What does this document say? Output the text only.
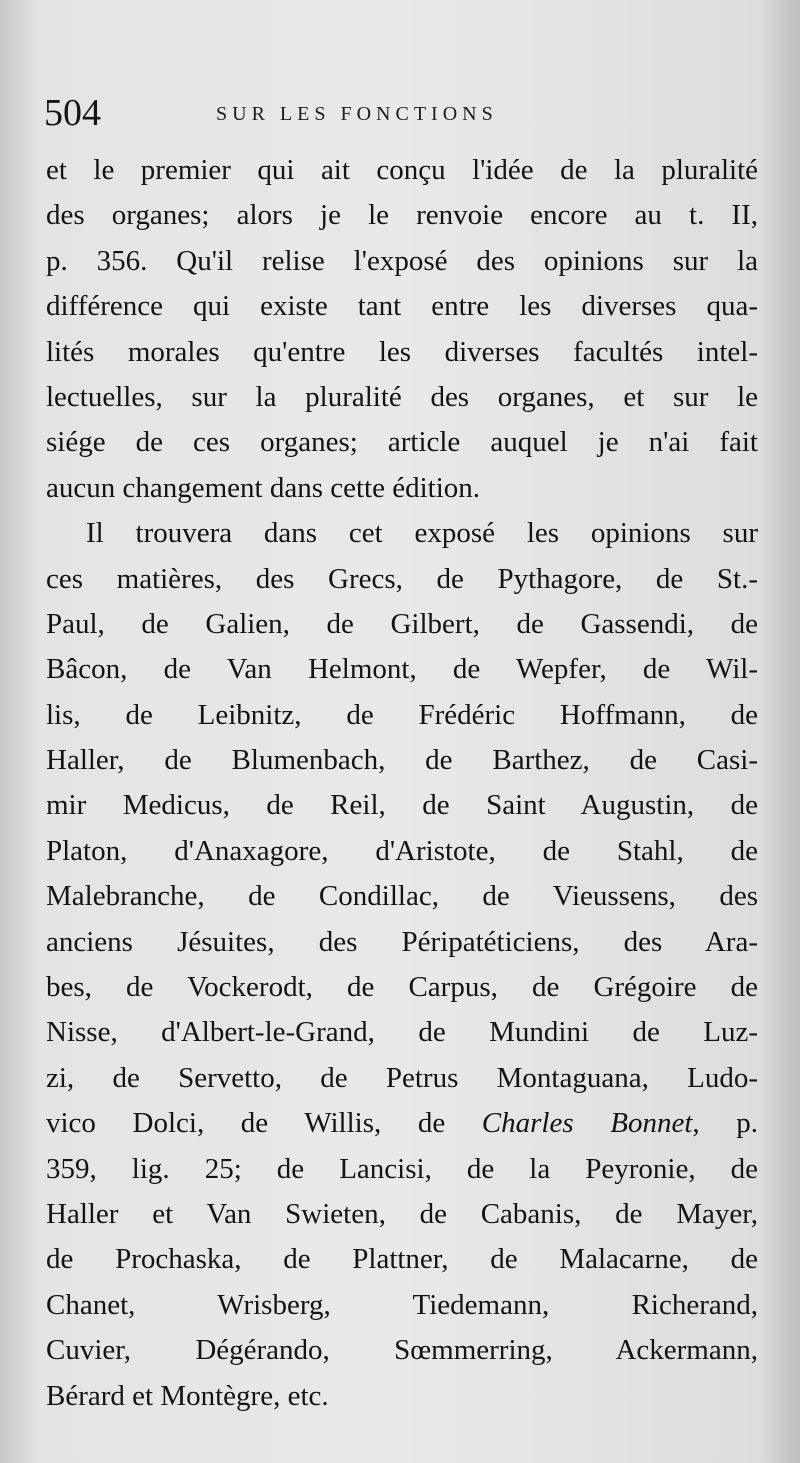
504	SUR LES FONCTIONS
et le premier qui ait conçu l'idée de la pluralité
des organes; alors je le renvoie encore au t. II,
p. 356. Qu'il relise l'exposé des opinions sur la
différence qui existe tant entre les diverses qua-
lités morales qu'entre les diverses facultés intel-
lectuelles, sur la pluralité des organes, et sur le
siége de ces organes; article auquel je n'ai fait
aucun changement dans cette édition.
Il trouvera dans cet exposé les opinions sur
ces matières, des Grecs, de Pythagore, de St.-
Paul, de Galien, de Gilbert, de Gassendi, de
Bâcon, de Van Helmont, de Wepfer, de Wil-
lis, de Leibnitz, de Frédéric Hoffmann, de
Haller, de Blumenbach, de Barthez, de Casi-
mir Medicus, de Reil, de Saint Augustin, de
Platon, d'Anaxagore, d'Aristote, de Stahl, de
Malebranche, de Condillac, de Vieussens, des
anciens Jésuites, des Péripatéticiens, des Ara-
bes, de Vockerodt, de Carpus, de Grégoire de
Nisse, d'Albert-le-Grand, de Mundini de Luz-
zi, de Servetto, de Petrus Montaguana, Ludo-
vico Dolci, de Willis, de Charles Bonnet, p.
359, lig. 25; de Lancisi, de la Peyronie, de
Haller et Van Swieten, de Cabanis, de Mayer,
de Prochaska, de Plattner, de Malacarne, de
Chanet, Wrisberg, Tiedemann, Richerand,
Cuvier, Dégérando, Sœmmerring, Ackermann,
Bérard et Montègre, etc.
